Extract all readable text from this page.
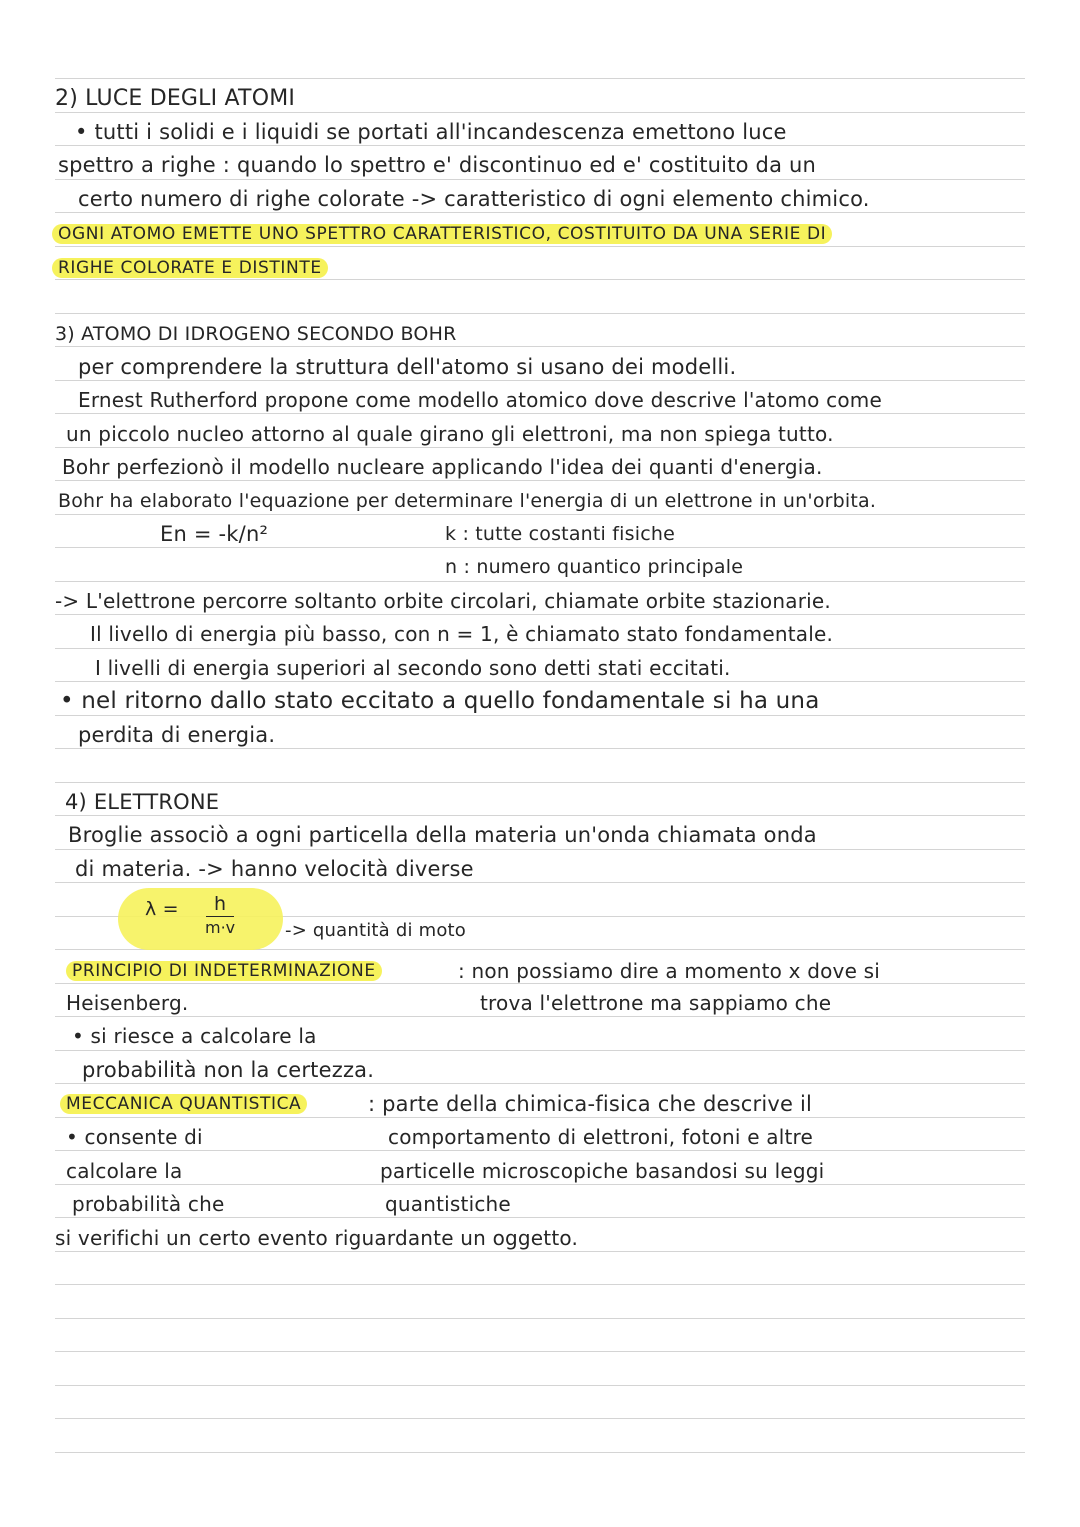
2) LUCE DEGLI ATOMI
• tutti i solidi e i liquidi se portati all'incandescenza emettono luce
spettro a righe : quando lo spettro e' discontinuo ed e' costituito da un
certo numero di righe colorate -> caratteristico di ogni elemento chimico.
OGNI ATOMO EMETTE UNO SPETTRO CARATTERISTICO, COSTITUITO DA UNA SERIE DI
RIGHE COLORATE E DISTINTE
3) ATOMO DI IDROGENO SECONDO BOHR
per comprendere la struttura dell'atomo si usano dei modelli.
Ernest Rutherford propone come modello atomico dove descrive l'atomo come
un piccolo nucleo attorno al quale girano gli elettroni, ma non spiega tutto.
Bohr perfezionò il modello nucleare applicando l'idea dei quanti d'energia.
Bohr ha elaborato l'equazione per determinare l'energia di un elettrone in un'orbita.
En = -k/n²	k : tutte costanti fisiche
n : numero quantico principale
-> L'elettrone percorre soltanto orbite circolari, chiamate orbite stazionarie.
Il livello di energia più basso, con n = 1, è chiamato stato fondamentale.
I livelli di energia superiori al secondo sono detti stati eccitati.
• nel ritorno dallo stato eccitato a quello fondamentale si ha una
perdita di energia.
4) ELETTRONE
Broglie associò a ogni particella della materia un'onda chiamata onda
di materia. -> hanno velocità diverse
λ =	h
m·v	-> quantità di moto
PRINCIPIO DI INDETERMINAZIONE	: non possiamo dire a momento x dove si
Heisenberg.	trova l'elettrone ma sappiamo che
• si riesce a calcolare la
probabilità non la certezza.
MECCANICA QUANTISTICA	: parte della chimica-fisica che descrive il
comportamento di elettroni, fotoni e altre
particelle microscopiche basandosi su leggi
quantistiche
• consente di
calcolare la
probabilità che
si verifichi un certo evento riguardante un oggetto.
